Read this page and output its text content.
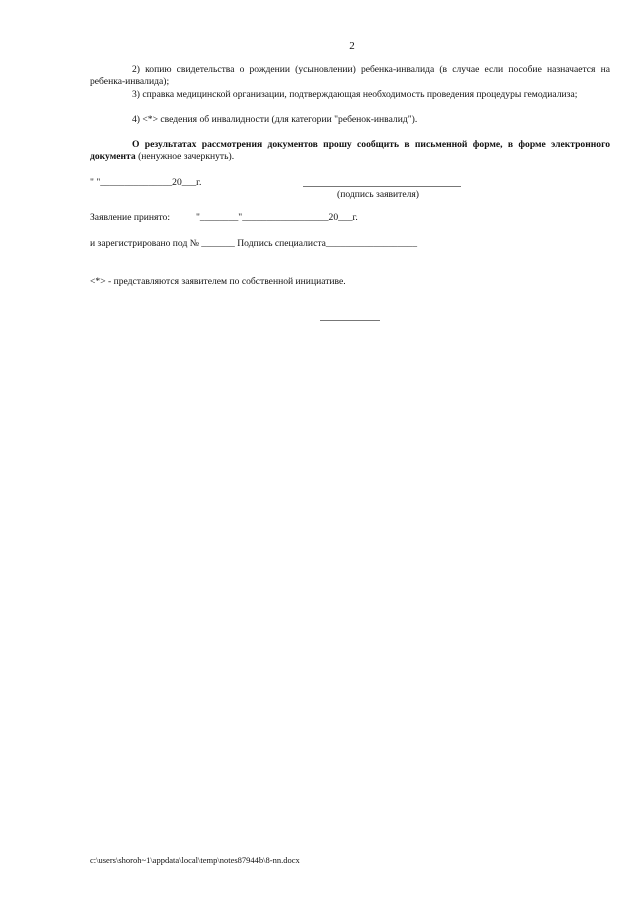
2
2) копию свидетельства о рождении (усыновлении) ребенка-инвалида (в случае если пособие назначается на ребенка-инвалида);
3) справка медицинской организации, подтверждающая необходимость проведения процедуры гемодиализа;
4) <*> сведения об инвалидности (для категории "ребенок-инвалид").
О результатах рассмотрения документов прошу сообщить в письменной форме, в форме электронного документа (ненужное зачеркнуть).
" "_______________20___г.
(подпись заявителя)
Заявление принято:	"________"__________________20___г.
и зарегистрировано под № _______ Подпись специалиста___________________
<*> - представляются заявителем по собственной инициативе.
c:\users\shoroh~1\appdata\local\temp\notes87944b\8-nn.docx
